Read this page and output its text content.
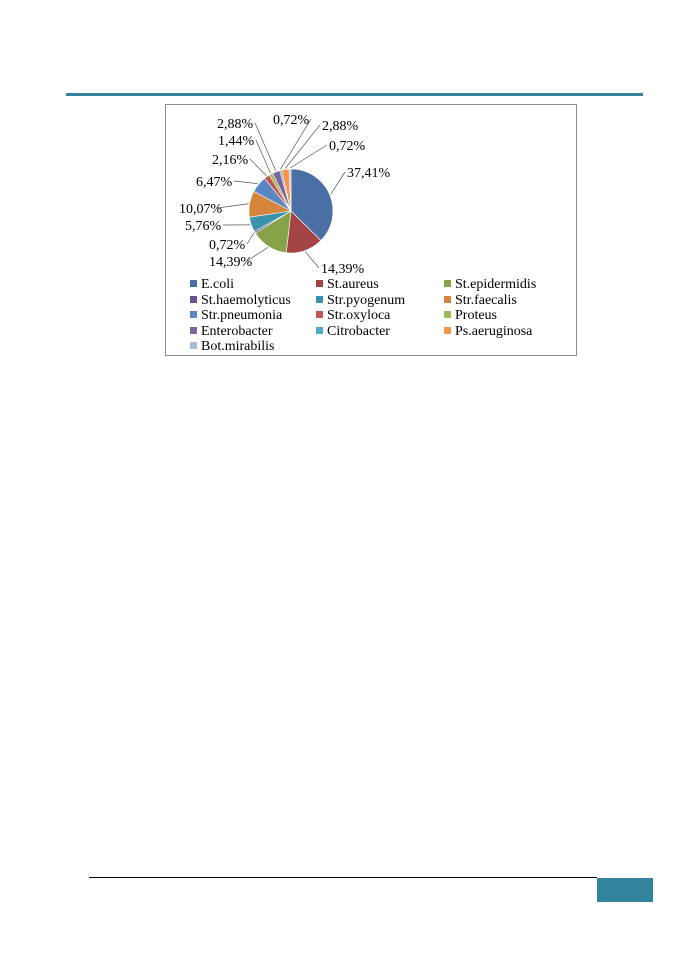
37,41%
14,39%
14,39%
0,72%
5,76%
10,07%
6,47%
2,16%
1,44%
2,88% 0,72% 2,88%
0,72%
E.coli	St.aureus	St.epidermidis
St.haemolyticus	Str.pyogenum	Str.faecalis
Str.pneumonia	Str.oxyloca	Proteus
Enterobacter	Citrobacter	Ps.aeruginosa
Bot.mirabilis
